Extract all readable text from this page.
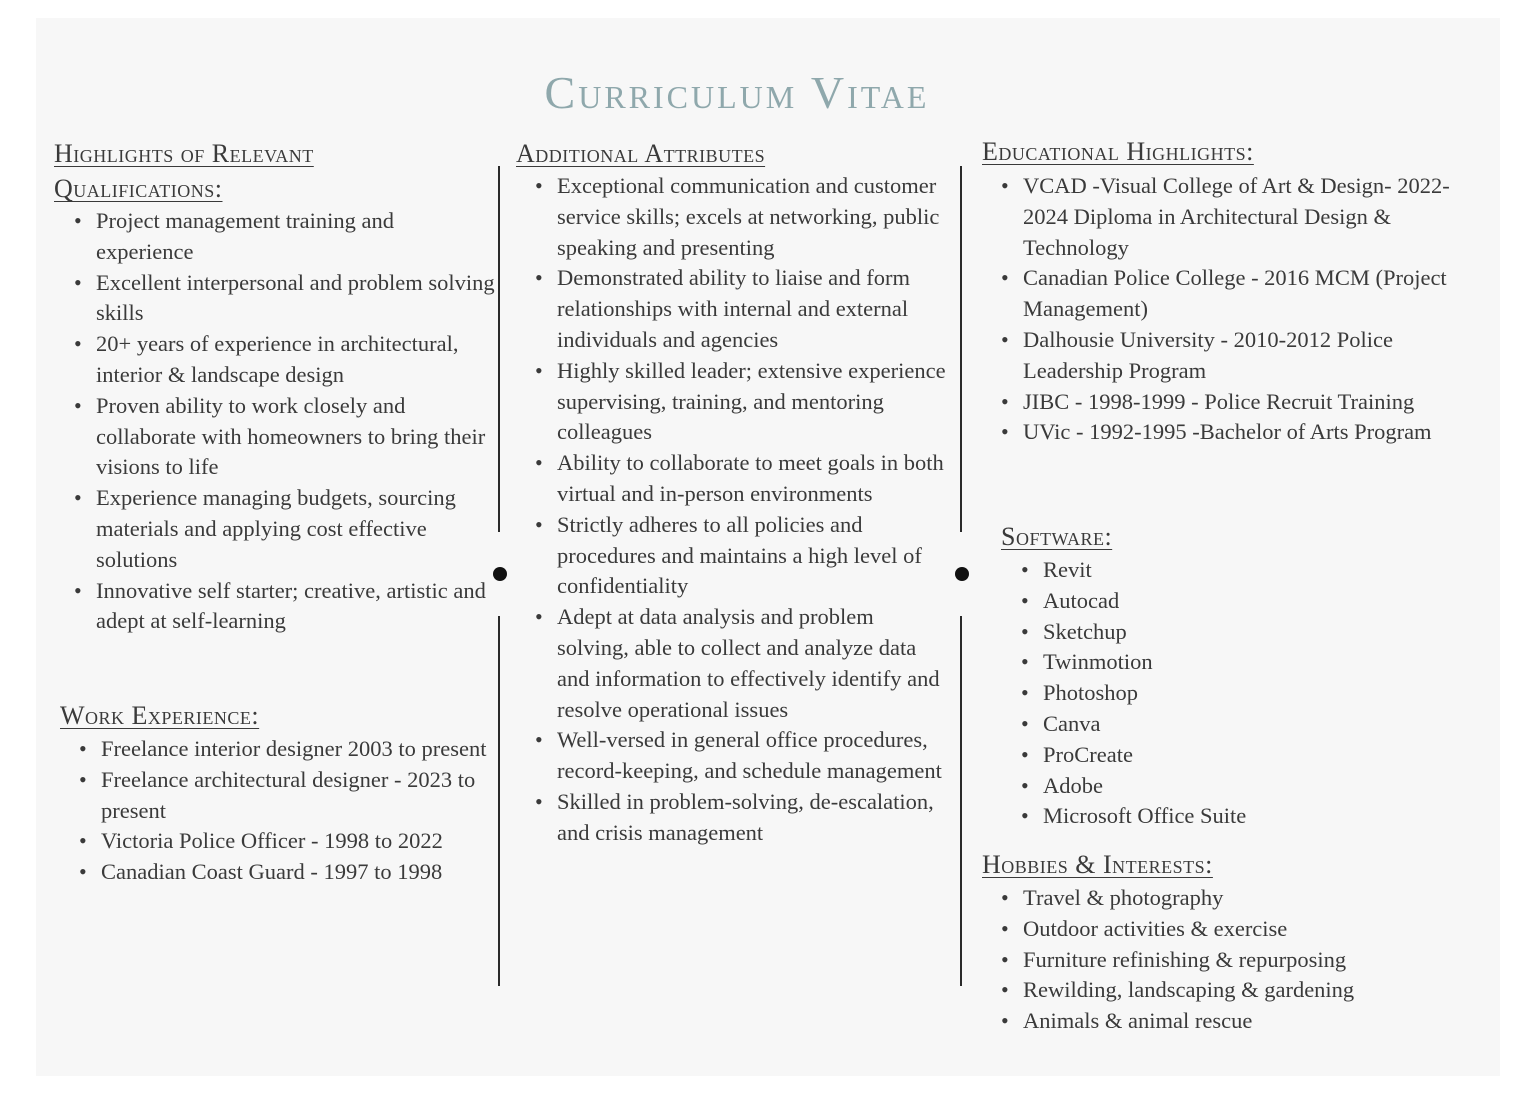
Curriculum Vitae
Highlights of Relevant
Qualifications:
• Project management training and experience
• Excellent interpersonal and problem solving skills
• 20+ years of experience in architectural, interior & landscape design
• Proven ability to work closely and collaborate with homeowners to bring their visions to life
• Experience managing budgets, sourcing materials and applying cost effective solutions
• Innovative self starter; creative, artistic and adept at self-learning
Work Experience:
• Freelance interior designer 2003 to present
• Freelance architectural designer - 2023 to present
• Victoria Police Officer - 1998 to 2022
• Canadian Coast Guard - 1997 to 1998
Additional Attributes
• Exceptional communication and customer service skills; excels at networking, public speaking and presenting
• Demonstrated ability to liaise and form relationships with internal and external individuals and agencies
• Highly skilled leader; extensive experience supervising, training, and mentoring colleagues
• Ability to collaborate to meet goals in both virtual and in-person environments
• Strictly adheres to all policies and procedures and maintains a high level of confidentiality
• Adept at data analysis and problem solving, able to collect and analyze data and information to effectively identify and resolve operational issues
• Well-versed in general office procedures, record-keeping, and schedule management
• Skilled in problem-solving, de-escalation, and crisis management
Educational Highlights:
• VCAD -Visual College of Art & Design- 2022-2024 Diploma in Architectural Design & Technology
• Canadian Police College - 2016 MCM (Project Management)
• Dalhousie University - 2010-2012 Police Leadership Program
• JIBC - 1998-1999 - Police Recruit Training
• UVic - 1992-1995 -Bachelor of Arts Program
Software:
• Revit
• Autocad
• Sketchup
• Twinmotion
• Photoshop
• Canva
• ProCreate
• Adobe
• Microsoft Office Suite
Hobbies & Interests:
• Travel & photography
• Outdoor activities & exercise
• Furniture refinishing & repurposing
• Rewilding, landscaping & gardening
• Animals & animal rescue
